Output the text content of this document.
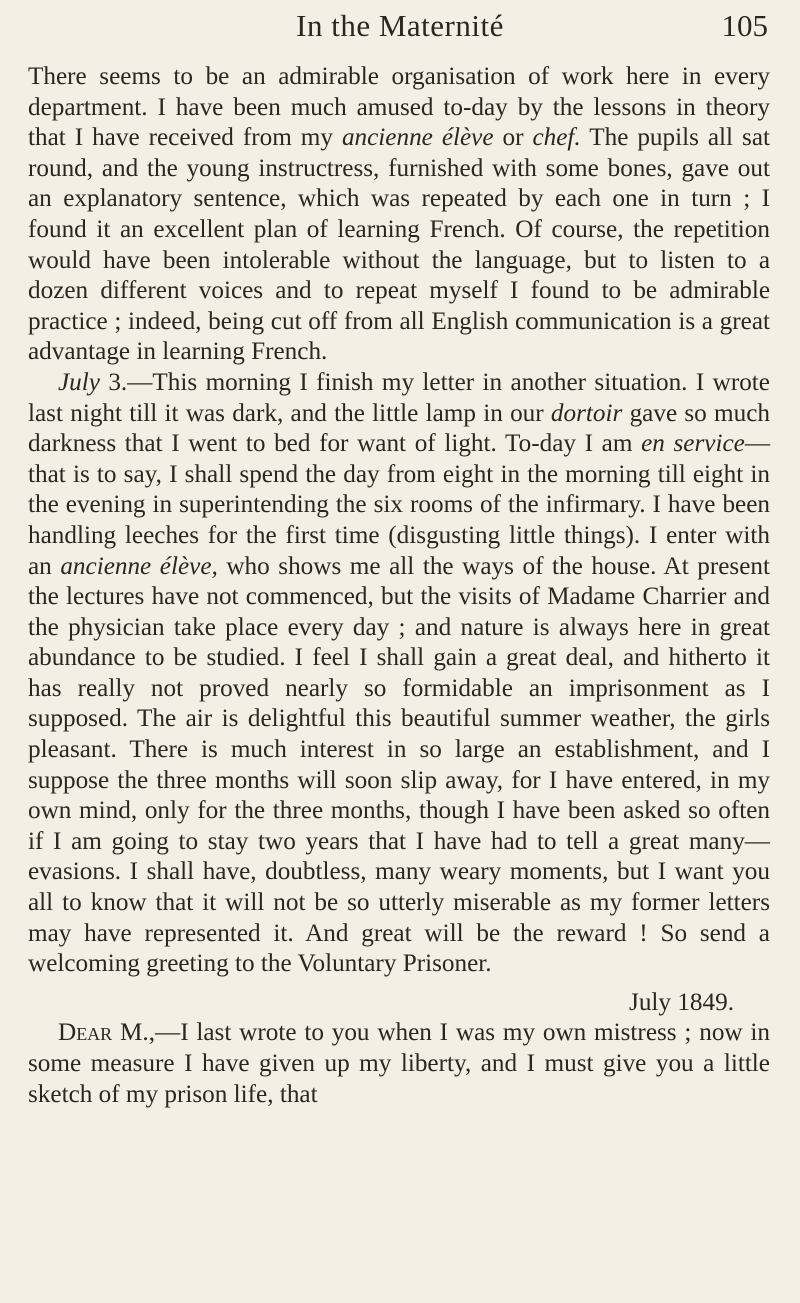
In the Maternité	105

There seems to be an admirable organisation of work here in every department. I have been much amused to-day by the lessons in theory that I have received from my ancienne élève or chef. The pupils all sat round, and the young instructress, furnished with some bones, gave out an explanatory sentence, which was repeated by each one in turn ; I found it an excellent plan of learning French. Of course, the repetition would have been intolerable without the language, but to listen to a dozen different voices and to repeat myself I found to be admirable practice ; indeed, being cut off from all English communication is a great advantage in learning French.

July 3.—This morning I finish my letter in another situation. I wrote last night till it was dark, and the little lamp in our dortoir gave so much darkness that I went to bed for want of light. To-day I am en service— that is to say, I shall spend the day from eight in the morning till eight in the evening in superintending the six rooms of the infirmary. I have been handling leeches for the first time (disgusting little things). I enter with an ancienne élève, who shows me all the ways of the house. At present the lectures have not commenced, but the visits of Madame Charrier and the physician take place every day ; and nature is always here in great abundance to be studied. I feel I shall gain a great deal, and hitherto it has really not proved nearly so formidable an imprisonment as I supposed. The air is delightful this beautiful summer weather, the girls pleasant. There is much interest in so large an establishment, and I suppose the three months will soon slip away, for I have entered, in my own mind, only for the three months, though I have been asked so often if I am going to stay two years that I have had to tell a great many—evasions. I shall have, doubtless, many weary moments, but I want you all to know that it will not be so utterly miserable as my former letters may have represented it. And great will be the reward ! So send a welcoming greeting to the Voluntary Prisoner.

July 1849.

Dear M.,—I last wrote to you when I was my own mistress ; now in some measure I have given up my liberty, and I must give you a little sketch of my prison life, that
